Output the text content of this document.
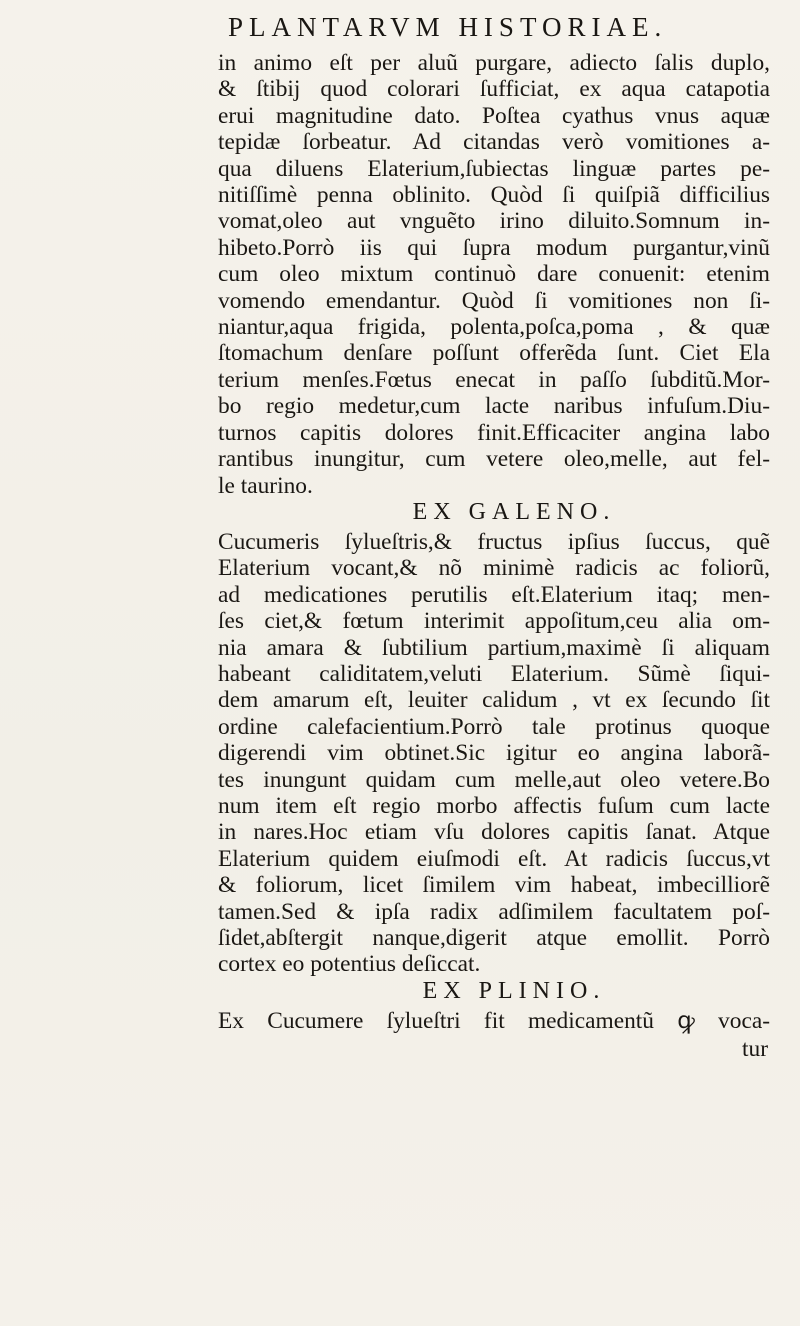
PLANTARVM HISTORIAE.
in animo eſt per aluũ purgare, adiecto ſalis duplo,
& ſtibij quod colorari ſufficiat, ex aqua catapotia
erui magnitudine dato. Poſtea cyathus vnus aquæ
tepidæ ſorbeatur. Ad citandas verò vomitiones a-
qua diluens Elaterium,ſubiectas linguæ partes pe-
nitiſſimè penna oblinito. Quòd ſi quiſpiã difficilius
vomat,oleo aut vnguẽto irino diluito.Somnum in-
hibeto.Porrò iis qui ſupra modum purgantur,vinũ
cum oleo mixtum continuò dare conuenit: etenim
vomendo emendantur. Quòd ſi vomitiones non ſi-
niantur,aqua frigida, polenta,poſca,poma , & quæ
ſtomachum denſare poſſunt offerẽda ſunt. Ciet Ela
terium menſes.Fœtus enecat in paſſo ſubditũ.Mor-
bo regio medetur,cum lacte naribus infuſum.Diu-
turnos capitis dolores finit.Efficaciter angina labo
rantibus inungitur, cum vetere oleo,melle, aut fel-
le taurino.
EX GALENO.
Cucumeris ſylueſtris,& fructus ipſius ſuccus, quẽ
Elaterium vocant,& nõ minimè radicis ac foliorũ,
ad medicationes perutilis eſt.Elaterium itaq; men-
ſes ciet,& fœtum interimit appoſitum,ceu alia om-
nia amara & ſubtilium partium,maximè ſi aliquam
habeant caliditatem,veluti Elaterium. Sũmè ſiqui-
dem amarum eſt, leuiter calidum , vt ex ſecundo ſit
ordine calefacientium.Porrò tale protinus quoque
digerendi vim obtinet.Sic igitur eo angina laborã-
tes inungunt quidam cum melle,aut oleo vetere.Bo
num item eſt regio morbo affectis fuſum cum lacte
in nares.Hoc etiam vſu dolores capitis ſanat. Atque
Elaterium quidem eiuſmodi eſt. At radicis ſuccus,vt
& foliorum, licet ſimilem vim habeat, imbecilliorẽ
tamen.Sed & ipſa radix adſimilem facultatem poſ-
ſidet,abſtergit nanque,digerit atque emollit. Porrò
cortex eo potentius deſiccat.
EX PLINIO.
Ex Cucumere ſylueſtri fit medicamentũ ꝙ voca-
tur
